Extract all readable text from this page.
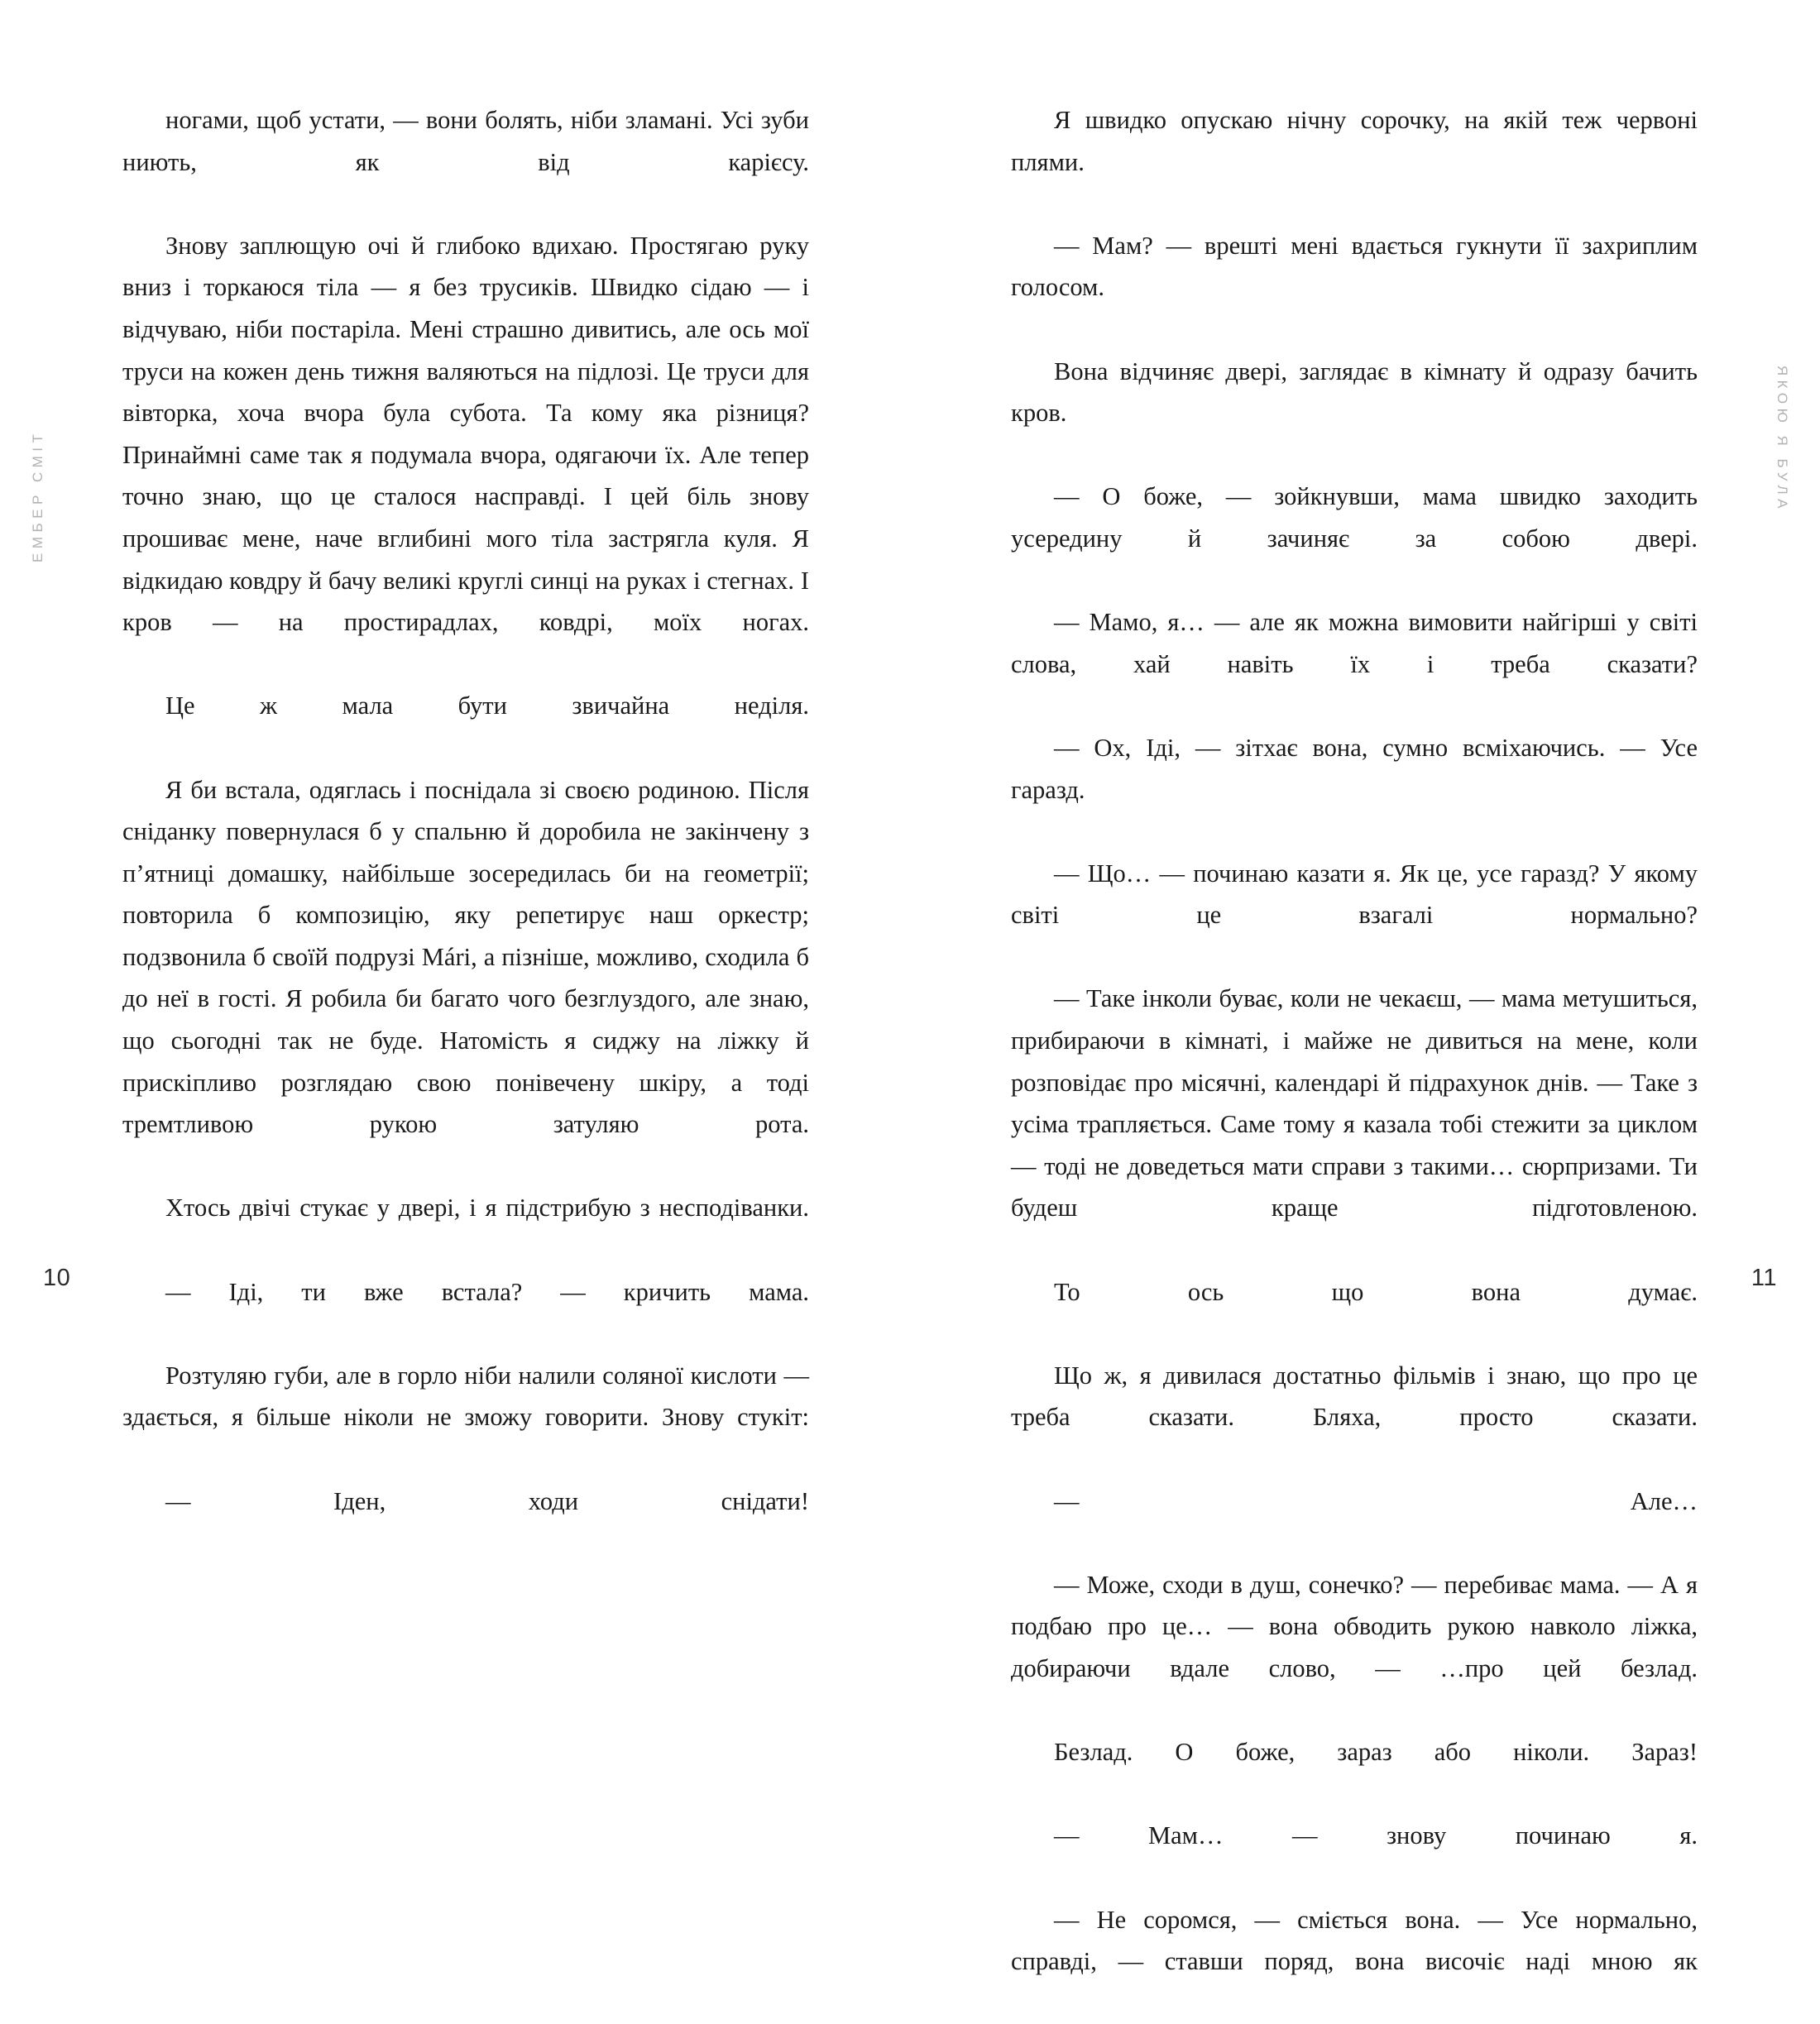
ЕМБЕР СМІТ

ногами, щоб устати, — вони болять, ніби зламані. Усі зуби ниють, як від карієсу.

Знову заплющую очі й глибоко вдихаю. Простягаю руку вниз і торкаюся тіла — я без трусиків. Швидко сідаю — і відчуваю, ніби постаріла. Мені страшно дивитись, але ось мої труси на кожен день тижня валяються на підлозі. Це труси для вівторка, хоча вчора була субота. Та кому яка різниця? Принаймні саме так я подумала вчора, одягаючи їх. Але тепер точно знаю, що це сталося насправді. І цей біль знову прошиває мене, наче вглибині мого тіла застрягла куля. Я відкидаю ковдру й бачу великі круглі синці на руках і стегнах. І кров — на простирадлах, ковдрі, моїх ногах.

Це ж мала бути звичайна неділя.

Я би встала, одяглась і поснідала зі своєю родиною. Після сніданку повернулася б у спальню й доробила не закінчену з п’ятниці домашку, найбільше зосередилась би на геометрії; повторила б композицію, яку репетирує наш оркестр; подзвонила б своїй подрузі Márі, а пізніше, можливо, сходила б до неї в гості. Я робила би багато чого безглуздого, але знаю, що сьогодні так не буде. Натомість я сиджу на ліжку й прискіпливо розглядаю свою понівечену шкіру, а тоді тремтливою рукою затуляю рота.

Хтось двічі стукає у двері, і я підстрибую з несподіванки.

— Іді, ти вже встала? — кричить мама.

Розтуляю губи, але в горло ніби налили соляної кислоти — здається, я більше ніколи не зможу говорити. Знову стукіт:

— Іден, ходи снідати!

10
ЯКОЮ Я БУЛА

Я швидко опускаю нічну сорочку, на якій теж червоні плями.

— Мам? — врешті мені вдається гукнути її захриплим голосом.

Вона відчиняє двері, заглядає в кімнату й одразу бачить кров.

— О боже, — зойкнувши, мама швидко заходить усередину й зачиняє за собою двері.

— Мамо, я… — але як можна вимовити найгірші у світі слова, хай навіть їх і треба сказати?

— Ох, Іді, — зітхає вона, сумно всміхаючись. — Усе гаразд.

— Що… — починаю казати я. Як це, усе гаразд? У якому світі це взагалі нормально?

— Таке інколи буває, коли не чекаєш, — мама метушиться, прибираючи в кімнаті, і майже не дивиться на мене, коли розповідає про місячні, календарі й підрахунок днів. — Таке з усіма трапляється. Саме тому я казала тобі стежити за циклом — тоді не доведеться мати справи з такими… сюрпризами. Ти будеш краще підготовленою.

То ось що вона думає.

Що ж, я дивилася достатньо фільмів і знаю, що про це треба сказати. Бляха, просто сказати.

— Але…

— Може, сходи в душ, сонечко? — перебиває мама. — А я подбаю про це… — вона обводить рукою навколо ліжка, добираючи вдале слово, — …про цей безлад.

Безлад. О боже, зараз або ніколи. Зараз!

— Мам… — знову починаю я.

— Не соромся, — сміється вона. — Усе нормально, справді, — ставши поряд, вона височіє наді мною як

11
